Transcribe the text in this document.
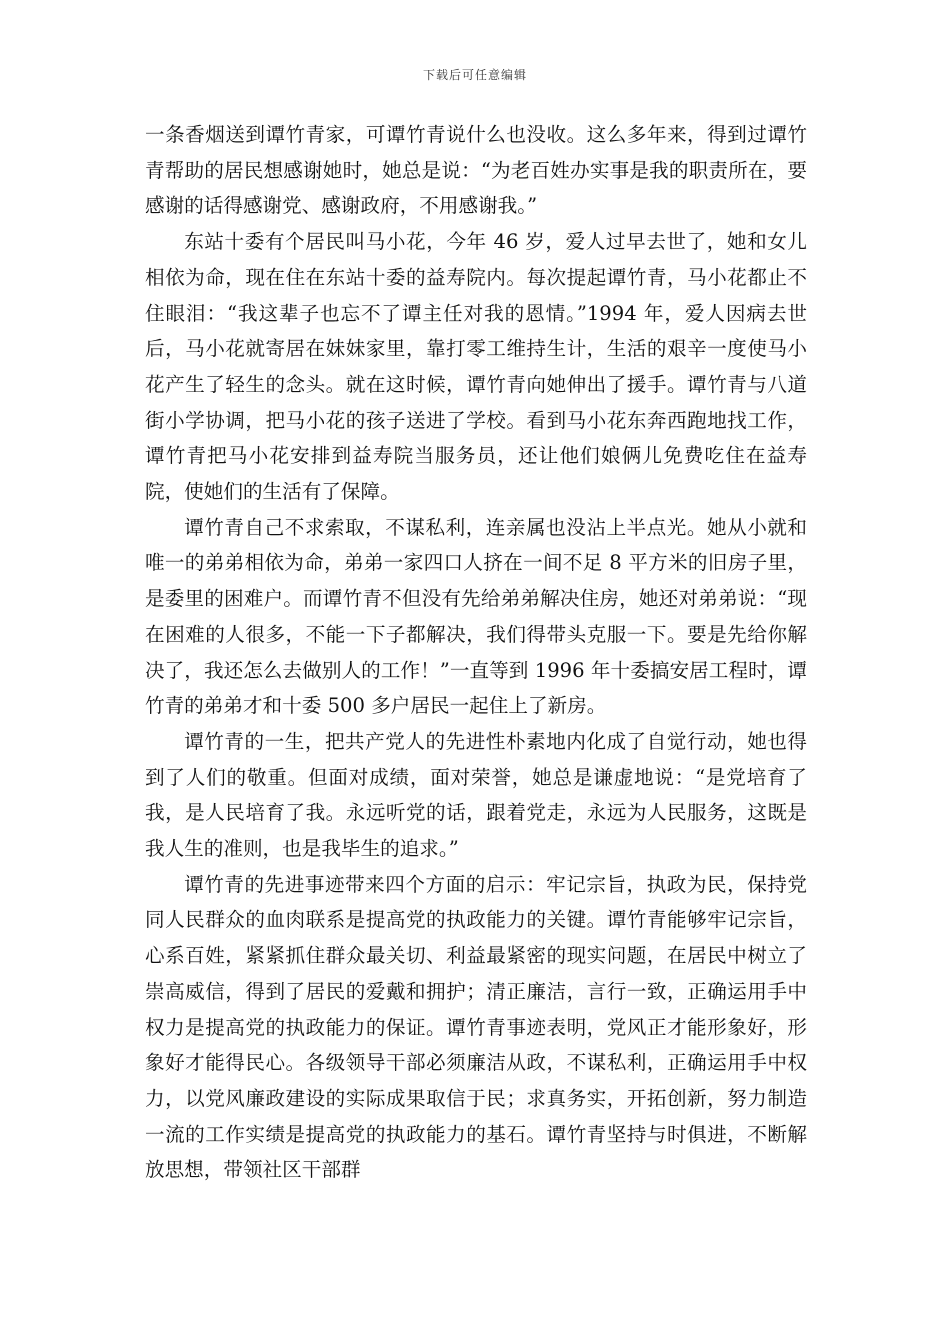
下载后可任意编辑

一条香烟送到谭竹青家，可谭竹青说什么也没收。这么多年来，得到过谭竹青帮助的居民想感谢她时，她总是说：“为老百姓办实事是我的职责所在，要感谢的话得感谢党、感谢政府，不用感谢我。”

东站十委有个居民叫马小花，今年 46 岁，爱人过早去世了，她和女儿相依为命，现在住在东站十委的益寿院内。每次提起谭竹青，马小花都止不住眼泪：“我这辈子也忘不了谭主任对我的恩情。”1994 年，爱人因病去世后，马小花就寄居在妹妹家里，靠打零工维持生计，生活的艰辛一度使马小花产生了轻生的念头。就在这时候，谭竹青向她伸出了援手。谭竹青与八道街小学协调，把马小花的孩子送进了学校。看到马小花东奔西跑地找工作，谭竹青把马小花安排到益寿院当服务员，还让他们娘俩儿免费吃住在益寿院，使她们的生活有了保障。

谭竹青自己不求索取，不谋私利，连亲属也没沾上半点光。她从小就和唯一的弟弟相依为命，弟弟一家四口人挤在一间不足 8 平方米的旧房子里，是委里的困难户。而谭竹青不但没有先给弟弟解决住房，她还对弟弟说：“现在困难的人很多，不能一下子都解决，我们得带头克服一下。要是先给你解决了，我还怎么去做别人的工作！”一直等到 1996 年十委搞安居工程时，谭竹青的弟弟才和十委 500 多户居民一起住上了新房。

谭竹青的一生，把共产党人的先进性朴素地内化成了自觉行动，她也得到了人们的敬重。但面对成绩，面对荣誉，她总是谦虚地说：“是党培育了我，是人民培育了我。永远听党的话，跟着党走，永远为人民服务，这既是我人生的准则，也是我毕生的追求。”

谭竹青的先进事迹带来四个方面的启示：牢记宗旨，执政为民，保持党同人民群众的血肉联系是提高党的执政能力的关键。谭竹青能够牢记宗旨，心系百姓，紧紧抓住群众最关切、利益最紧密的现实问题，在居民中树立了崇高威信，得到了居民的爱戴和拥护；清正廉洁，言行一致，正确运用手中权力是提高党的执政能力的保证。谭竹青事迹表明，党风正才能形象好，形象好才能得民心。各级领导干部必须廉洁从政，不谋私利，正确运用手中权力，以党风廉政建设的实际成果取信于民；求真务实，开拓创新，努力制造一流的工作实绩是提高党的执政能力的基石。谭竹青坚持与时俱进，不断解放思想，带领社区干部群
